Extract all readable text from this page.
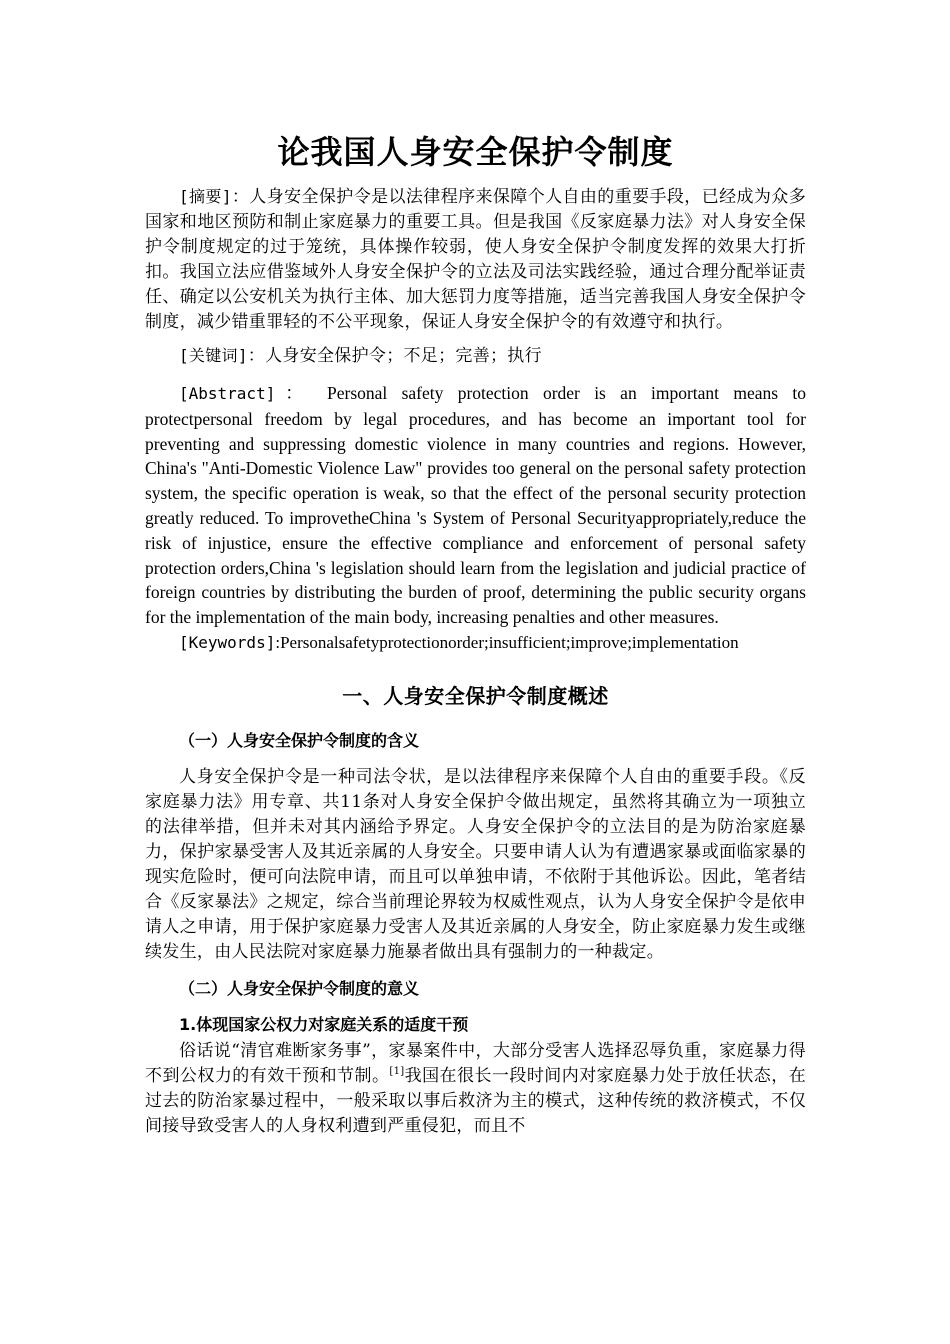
论我国人身安全保护令制度

[摘要]：人身安全保护令是以法律程序来保障个人自由的重要手段，已经成为众多国家和地区预防和制止家庭暴力的重要工具。但是我国《反家庭暴力法》对人身安全保护令制度规定的过于笼统，具体操作较弱，使人身安全保护令制度发挥的效果大打折扣。我国立法应借鉴域外人身安全保护令的立法及司法实践经验，通过合理分配举证责任、确定以公安机关为执行主体、加大惩罚力度等措施，适当完善我国人身安全保护令制度，减少错重罪轻的不公平现象，保证人身安全保护令的有效遵守和执行。

[关键词]：人身安全保护令；不足；完善；执行

[Abstract]： Personal safety protection order is an important means to protectpersonal freedom by legal procedures, and has become an important tool for preventing and suppressing domestic violence in many countries and regions. However, China's "Anti-Domestic Violence Law" provides too general on the personal safety protection system, the specific operation is weak, so that the effect of the personal security protection greatly reduced. To improvetheChina 's System of Personal Securityappropriately,reduce the risk of injustice, ensure the effective compliance and enforcement of personal safety protection orders,China 's legislation should learn from the legislation and judicial practice of foreign countries by distributing the burden of proof, determining the public security organs for the implementation of the main body, increasing penalties and other measures.

[Keywords]:Personalsafetyprotectionorder;insufficient;improve;implementation

一、人身安全保护令制度概述
（一）人身安全保护令制度的含义

人身安全保护令是一种司法令状，是以法律程序来保障个人自由的重要手段。《反家庭暴力法》用专章、共11条对人身安全保护令做出规定，虽然将其确立为一项独立的法律举措，但并未对其内涵给予界定。人身安全保护令的立法目的是为防治家庭暴力，保护家暴受害人及其近亲属的人身安全。只要申请人认为有遭遇家暴或面临家暴的现实危险时，便可向法院申请，而且可以单独申请，不依附于其他诉讼。因此，笔者结合《反家暴法》之规定，综合当前理论界较为权威性观点，认为人身安全保护令是依申请人之申请，用于保护家庭暴力受害人及其近亲属的人身安全，防止家庭暴力发生或继续发生，由人民法院对家庭暴力施暴者做出具有强制力的一种裁定。

（二）人身安全保护令制度的意义
1.体现国家公权力对家庭关系的适度干预

俗话说“清官难断家务事”，家暴案件中，大部分受害人选择忍辱负重，家庭暴力得不到公权力的有效干预和节制。[1]我国在很长一段时间内对家庭暴力处于放任状态，在过去的防治家暴过程中，一般采取以事后救济为主的模式，这种传统的救济模式，不仅间接导致受害人的人身权利遭到严重侵犯，而且不
